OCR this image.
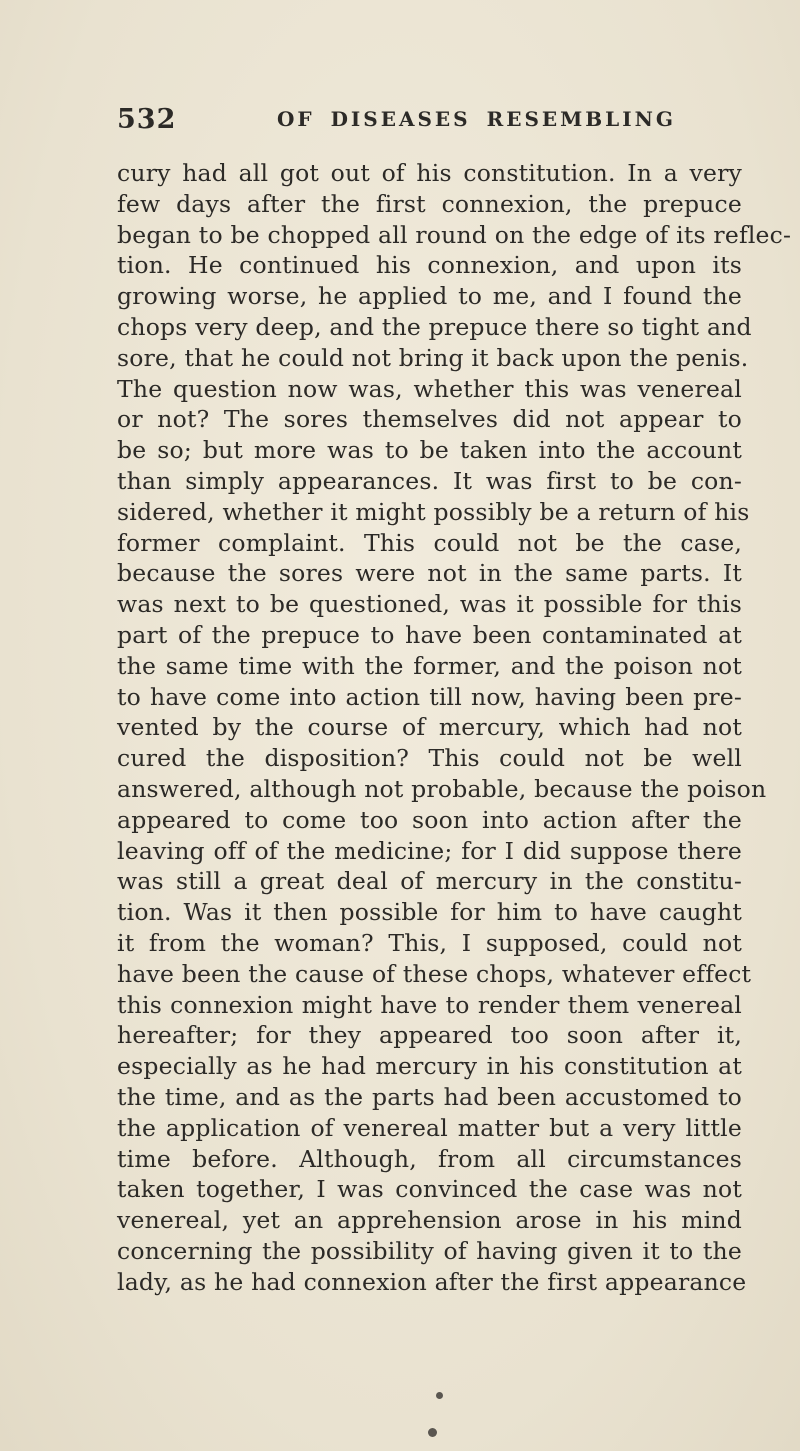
532	OF DISEASES RESEMBLING
cury had all got out of his constitution. In a very
few days after the first connexion, the prepuce
began to be chopped all round on the edge of its reflec-
tion. He continued his connexion, and upon its
growing worse, he applied to me, and I found the
chops very deep, and the prepuce there so tight and
sore, that he could not bring it back upon the penis.
The question now was, whether this was venereal
or not? The sores themselves did not appear to
be so; but more was to be taken into the account
than simply appearances. It was first to be con-
sidered, whether it might possibly be a return of his
former complaint. This could not be the case,
because the sores were not in the same parts. It
was next to be questioned, was it possible for this
part of the prepuce to have been contaminated at
the same time with the former, and the poison not
to have come into action till now, having been pre-
vented by the course of mercury, which had not
cured the disposition? This could not be well
answered, although not probable, because the poison
appeared to come too soon into action after the
leaving off of the medicine; for I did suppose there
was still a great deal of mercury in the constitu-
tion. Was it then possible for him to have caught
it from the woman? This, I supposed, could not
have been the cause of these chops, whatever effect
this connexion might have to render them venereal
hereafter; for they appeared too soon after it,
especially as he had mercury in his constitution at
the time, and as the parts had been accustomed to
the application of venereal matter but a very little
time before. Although, from all circumstances
taken together, I was convinced the case was not
venereal, yet an apprehension arose in his mind
concerning the possibility of having given it to the
lady, as he had connexion after the first appearance
